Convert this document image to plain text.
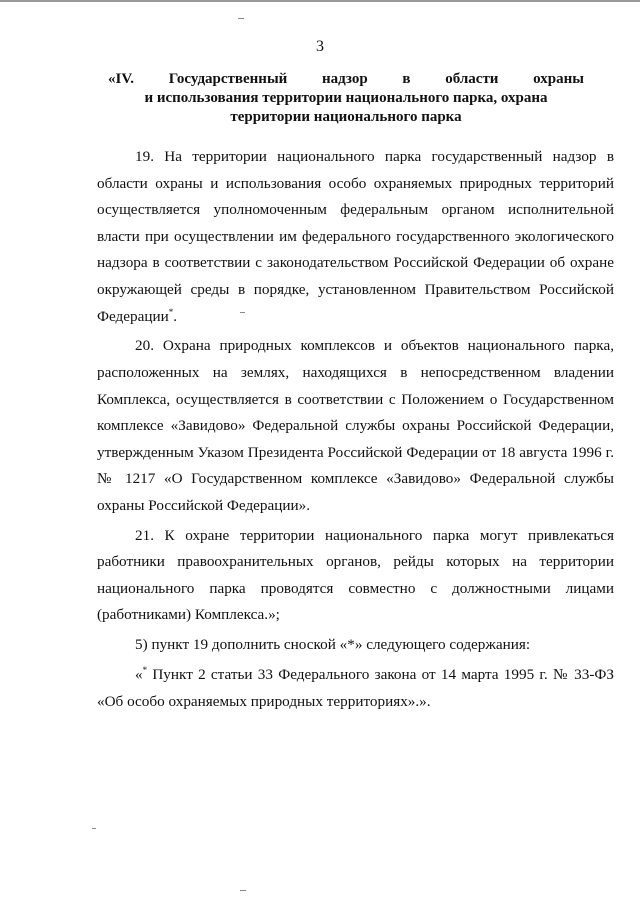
3
«IV. Государственный надзор в области охраны
и использования территории национального парка, охрана
территории национального парка

19. На территории национального парка государственный надзор в области охраны и использования особо охраняемых природных территорий осуществляется уполномоченным федеральным органом исполнительной власти при осуществлении им федерального государственного экологического надзора в соответствии с законодательством Российской Федерации об охране окружающей среды в порядке, установленном Правительством Российской Федерации*.

20. Охрана природных комплексов и объектов национального парка, расположенных на землях, находящихся в непосредственном владении Комплекса, осуществляется в соответствии с Положением о Государственном комплексе «Завидово» Федеральной службы охраны Российской Федерации, утвержденным Указом Президента Российской Федерации от 18 августа 1996 г. № 1217 «О Государственном комплексе «Завидово» Федеральной службы охраны Российской Федерации».

21. К охране территории национального парка могут привлекаться работники правоохранительных органов, рейды которых на территории национального парка проводятся совместно с должностными лицами (работниками) Комплекса.»;

5) пункт 19 дополнить сноской «*» следующего содержания:

«* Пункт 2 статьи 33 Федерального закона от 14 марта 1995 г. № 33-ФЗ «Об особо охраняемых природных территориях».».
